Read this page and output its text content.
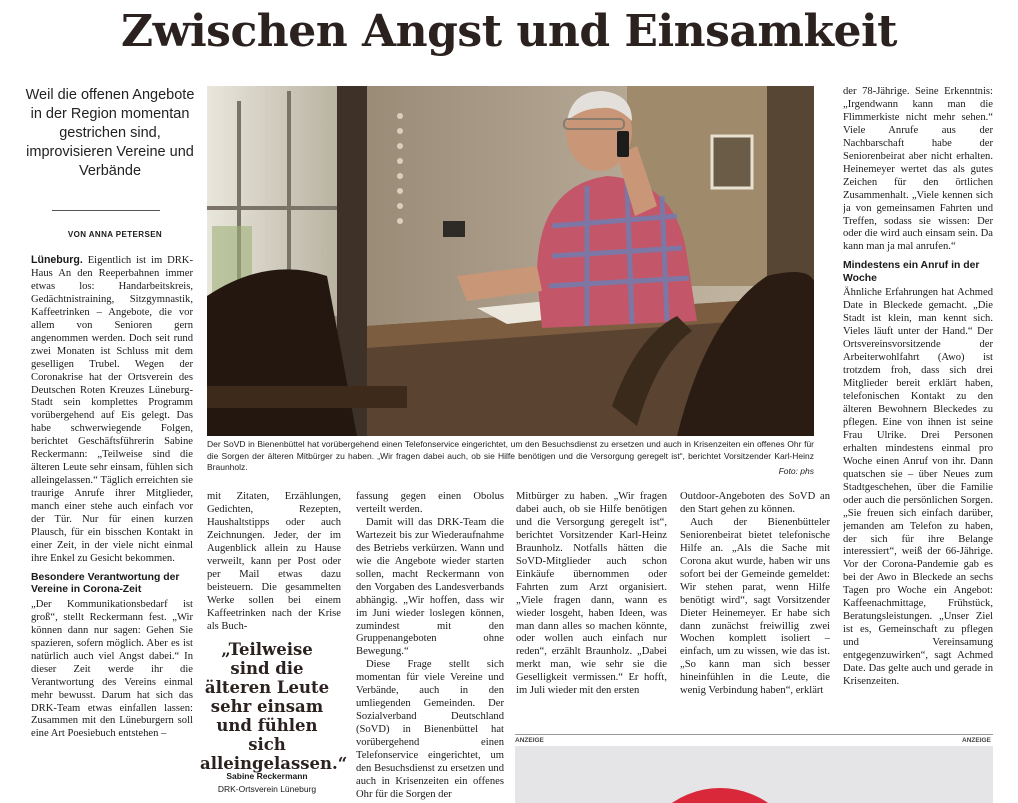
Zwischen Angst und Einsamkeit
Weil die offenen Angebote in der Region momentan gestrichen sind, improvisieren Vereine und Verbände
VON ANNA PETERSEN

Lüneburg. Eigentlich ist im DRK-Haus An den Reeperbahnen immer etwas los: Handarbeitskreis, Gedächtnistraining, Sitzgymnastik, Kaffeetrinken – Angebote, die vor allem von Senioren gern angenommen werden. Doch seit rund zwei Monaten ist Schluss mit dem geselligen Trubel. Wegen der Coronakrise hat der Ortsverein des Deutschen Roten Kreuzes Lüneburg-Stadt sein komplettes Programm vorübergehend auf Eis gelegt. Das habe schwerwiegende Folgen, berichtet Geschäftsführerin Sabine Reckermann: „Teilweise sind die älteren Leute sehr einsam, fühlen sich alleingelassen.“ Täglich erreichten sie traurige Anrufe ihrer Mitglieder, manch einer stehe auch einfach vor der Tür. Nur für einen kurzen Plausch, für ein bisschen Kontakt in einer Zeit, in der viele nicht einmal ihre Enkel zu Gesicht bekommen.

Besondere Verantwortung der Vereine in Corona-Zeit

„Der Kommunikationsbedarf ist groß“, stellt Reckermann fest. „Wir können dann nur sagen: Gehen Sie spazieren, sofern möglich. Aber es ist natürlich auch viel Angst dabei.“ In dieser Zeit werde ihr die Verantwortung des Vereins einmal mehr bewusst. Darum hat sich das DRK-Team etwas einfallen lassen: Zusammen mit den Lüneburgern soll eine Art Poesiebuch entstehen –

Der SoVD in Bienenbüttel hat vorübergehend einen Telefonservice eingerichtet, um den Besuchsdienst zu ersetzen und auch in Krisenzeiten ein offenes Ohr für die Sorgen der älteren Mitbürger zu haben. „Wir fragen dabei auch, ob sie Hilfe benötigen und die Versorgung geregelt ist“, berichtet Vorsitzender Karl-Heinz Braunholz.	Foto: phs

mit Zitaten, Erzählungen, Gedichten, Rezepten, Haushaltstipps oder auch Zeichnungen. Jeder, der im Augenblick allein zu Hause verweilt, kann per Post oder per Mail etwas dazu beisteuern. Die gesammelten Werke sollen bei einem Kaffeetrinken nach der Krise als Buch-

„Teilweise sind die älteren Leute sehr einsam und fühlen sich alleingelassen.“
Sabine Reckermann
DRK-Ortsverein Lüneburg

fassung gegen einen Obolus verteilt werden.

Damit will das DRK-Team die Wartezeit bis zur Wiederaufnahme des Betriebs verkürzen. Wann und wie die Angebote wieder starten sollen, macht Reckermann von den Vorgaben des Landesverbands abhängig. „Wir hoffen, dass wir im Juni wieder loslegen können, zumindest mit den Gruppenangeboten ohne Bewegung.“

Diese Frage stellt sich momentan für viele Vereine und Verbände, auch in den umliegenden Gemeinden. Der Sozialverband Deutschland (SoVD) in Bienenbüttel hat vorübergehend einen Telefonservice eingerichtet, um den Besuchsdienst zu ersetzen und auch in Krisenzeiten ein offenes Ohr für die Sorgen der

Mitbürger zu haben. „Wir fragen dabei auch, ob sie Hilfe benötigen und die Versorgung geregelt ist“, berichtet Vorsitzender Karl-Heinz Braunholz. Notfalls hätten die SoVD-Mitglieder auch schon Einkäufe übernommen oder Fahrten zum Arzt organisiert. „Viele fragen dann, wann es wieder losgeht, haben Ideen, was man dann alles so machen könnte, oder wollen auch einfach nur reden“, erzählt Braunholz. „Dabei merkt man, wie sehr sie die Geselligkeit vermissen.“ Er hofft, im Juli wieder mit den ersten

Outdoor-Angeboten des SoVD an den Start gehen zu können.

Auch der Bienenbütteler Seniorenbeirat bietet telefonische Hilfe an. „Als die Sache mit Corona akut wurde, haben wir uns sofort bei der Gemeinde gemeldet: Wir stehen parat, wenn Hilfe benötigt wird“, sagt Vorsitzender Dieter Heinemeyer. Er habe sich dann zunächst freiwillig zwei Wochen komplett isoliert – einfach, um zu wissen, wie das ist. „So kann man sich besser hineinfühlen in die Leute, die wenig Verbindung haben“, erklärt

der 78-Jährige. Seine Erkenntnis: „Irgendwann kann man die Flimmerkiste nicht mehr sehen.“ Viele Anrufe aus der Nachbarschaft habe der Seniorenbeirat aber nicht erhalten. Heinemeyer wertet das als gutes Zeichen für den örtlichen Zusammenhalt. „Viele kennen sich ja von gemeinsamen Fahrten und Treffen, sodass sie wissen: Der oder die wird auch einsam sein. Da kann man ja mal anrufen.“

Mindestens ein Anruf in der Woche

Ähnliche Erfahrungen hat Achmed Date in Bleckede gemacht. „Die Stadt ist klein, man kennt sich. Vieles läuft unter der Hand.“ Der Ortsvereinsvorsitzende der Arbeiterwohlfahrt (Awo) ist trotzdem froh, dass sich drei Mitglieder bereit erklärt haben, telefonischen Kontakt zu den älteren Bewohnern Bleckedes zu pflegen. Eine von ihnen ist seine Frau Ulrike. Drei Personen erhalten mindestens einmal pro Woche einen Anruf von ihr. Dann quatschen sie – über Neues zum Stadtgeschehen, über die Familie oder auch die persönlichen Sorgen. „Sie freuen sich einfach darüber, jemanden am Telefon zu haben, der sich für ihre Belange interessiert“, weiß der 66-Jährige. Vor der Corona-Pandemie gab es bei der Awo in Bleckede an sechs Tagen pro Woche ein Angebot: Kaffeenachmittage, Frühstück, Beratungsleistungen. „Unser Ziel ist es, Gemeinschaft zu pflegen und Vereinsamung entgegenzuwirken“, sagt Achmed Date. Das gelte auch und gerade in Krisenzeiten.

ANZEIGE	ANZEIGE
